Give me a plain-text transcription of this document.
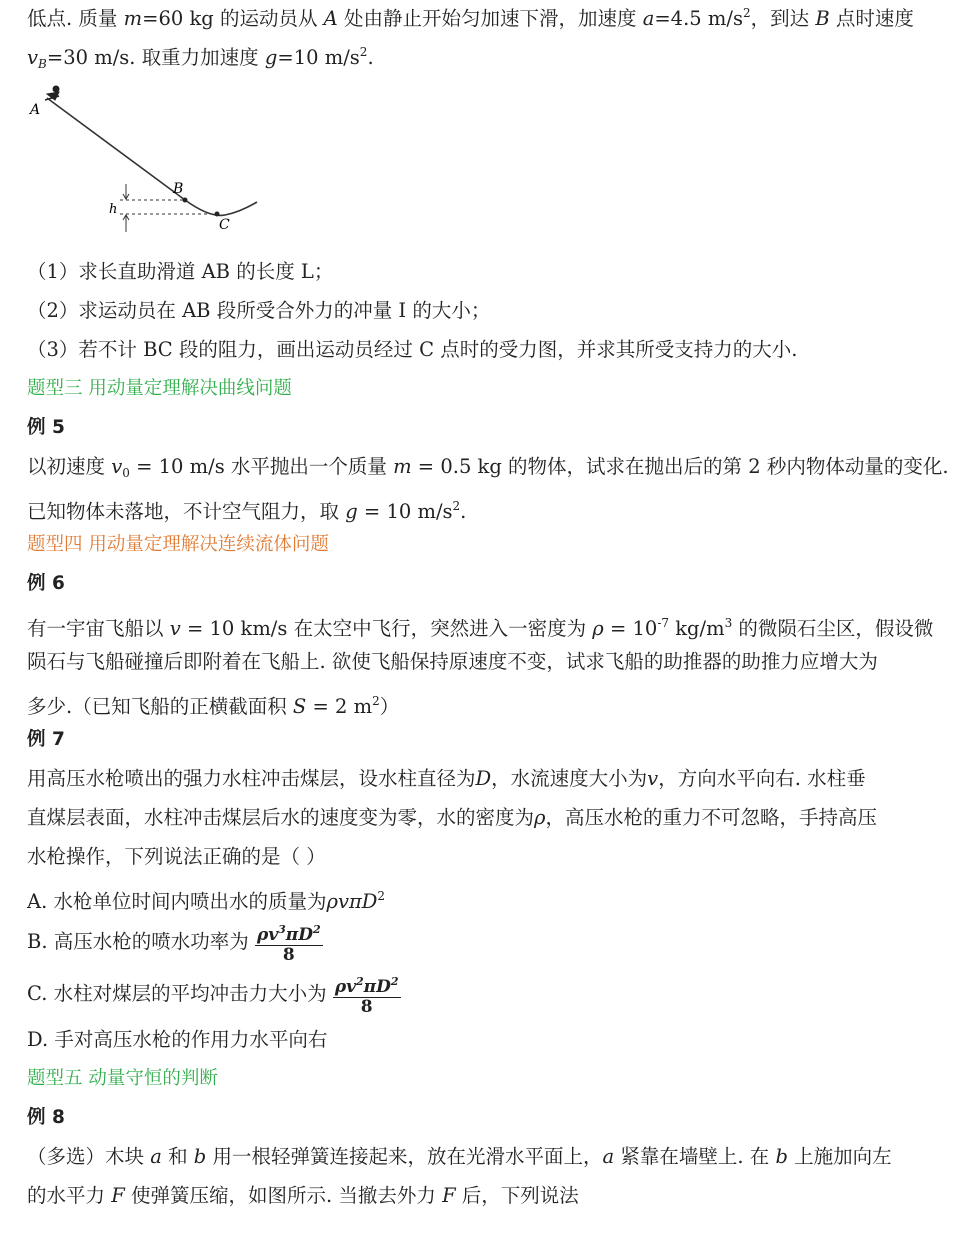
低点. 质量 m=60 kg 的运动员从 A 处由静止开始匀加速下滑，加速度 a=4.5 $m/s^2$，到达 B 点时速度
$v_B=30$ m/s. 取重力加速度 g=10 $m/s^2$.
A
B
C
h
（1）求长直助滑道 AB 的长度 L；
（2）求运动员在 AB 段所受合外力的冲量 I 的大小；
（3）若不计 BC 段的阻力，画出运动员经过 C 点时的受力图，并求其所受支持力的大小.
题型三 用动量定理解决曲线问题
例 5
以初速度 $v_0 = 10$ m/s 水平抛出一个质量 m = 0.5 kg 的物体，试求在抛出后的第 2 秒内物体动量的变化.
已知物体未落地，不计空气阻力，取 g = 10 $m/s^2$.
题型四 用动量定理解决连续流体问题
例 6
有一宇宙飞船以 v = 10 km/s 在太空中飞行，突然进入一密度为 $\rho = 10^{-7}$ $kg/m^3$ 的微陨石尘区，假设微
陨石与飞船碰撞后即附着在飞船上. 欲使飞船保持原速度不变，试求飞船的助推器的助推力应增大为
多少.（已知飞船的正横截面积 S = 2 $m^2$）
例 7
用高压水枪喷出的强力水柱冲击煤层，设水柱直径为D，水流速度大小为v，方向水平向右. 水柱垂
直煤层表面，水柱冲击煤层后水的速度变为零，水的密度为ρ，高压水枪的重力不可忽略，手持高压
水枪操作，下列说法正确的是（ ）
A. 水枪单位时间内喷出水的质量为ρvπD$^2$
B. 高压水枪的喷水功率为 $\frac{\rho v^3\pi D^2}{8}$
C. 水柱对煤层的平均冲击力大小为 $\frac{\rho v^2\pi D^2}{8}$
D. 手对高压水枪的作用力水平向右
题型五 动量守恒的判断
例 8
（多选）木块 a 和 b 用一根轻弹簧连接起来，放在光滑水平面上，a 紧靠在墙壁上. 在 b 上施加向左
的水平力 F 使弹簧压缩，如图所示. 当撤去外力 F 后，下列说法
